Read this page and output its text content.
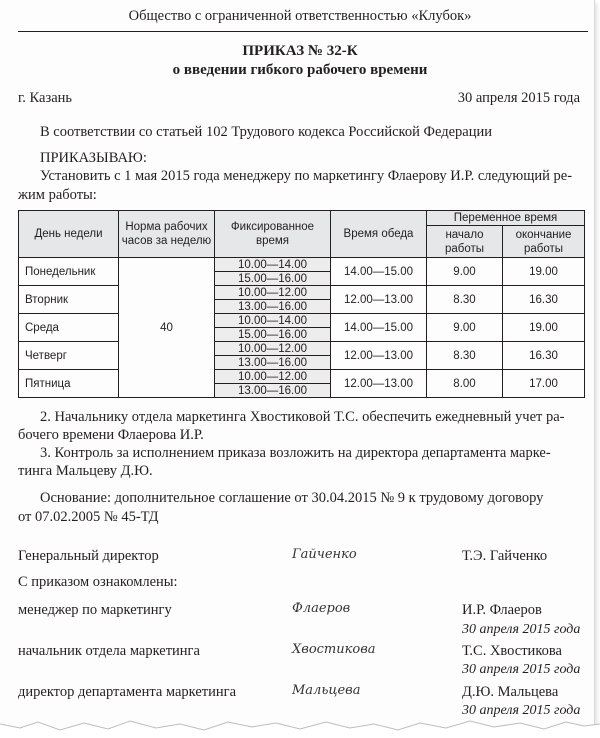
Общество с ограниченной ответственностью «Клубок»
ПРИКАЗ № 32-К
о введении гибкого рабочего времени
г. Казань	30 апреля 2015 года
В соответствии со статьей 102 Трудового кодекса Российской Федерации
ПРИКАЗЫВАЮ:
Установить с 1 мая 2015 года менеджеру по маркетингу Флаерову И.Р. следующий ре-
жим работы:
День недели	Норма рабочих часов за неделю	Фиксированное время	Время обеда	Переменное время	
				начало работы	окончание работы
Понедельник	40	10.00—14.00	14.00—15.00	9.00	19.00
		15.00—16.00			
Вторник		10.00—12.00	12.00—13.00	8.30	16.30
		13.00—16.00			
Среда		10.00—14.00	14.00—15.00	9.00	19.00
		15.00—16.00			
Четверг		10.00—12.00	12.00—13.00	8.30	16.30
		13.00—16.00			
Пятница		10.00—12.00	12.00—13.00	8.00	17.00
		13.00—16.00			
2. Начальнику отдела маркетинга Хвостиковой Т.С. обеспечить ежедневный учет ра-
бочего времени Флаерова И.Р.
3. Контроль за исполнением приказа возложить на директора департамента марке-
тинга Мальцеву Д.Ю.
Основание: дополнительное соглашение от 30.04.2015 № 9 к трудовому договору
от 07.02.2005 № 45-ТД
Генеральный директор	Гайченко	Т.Э. Гайченко
С приказом ознакомлены:
менеджер по маркетингу	Флаеров	И.Р. Флаеров
30 апреля 2015 года
начальник отдела маркетинга	Хвостикова	Т.С. Хвостикова
30 апреля 2015 года
директор департамента маркетинга	Мальцева	Д.Ю. Мальцева
30 апреля 2015 года
